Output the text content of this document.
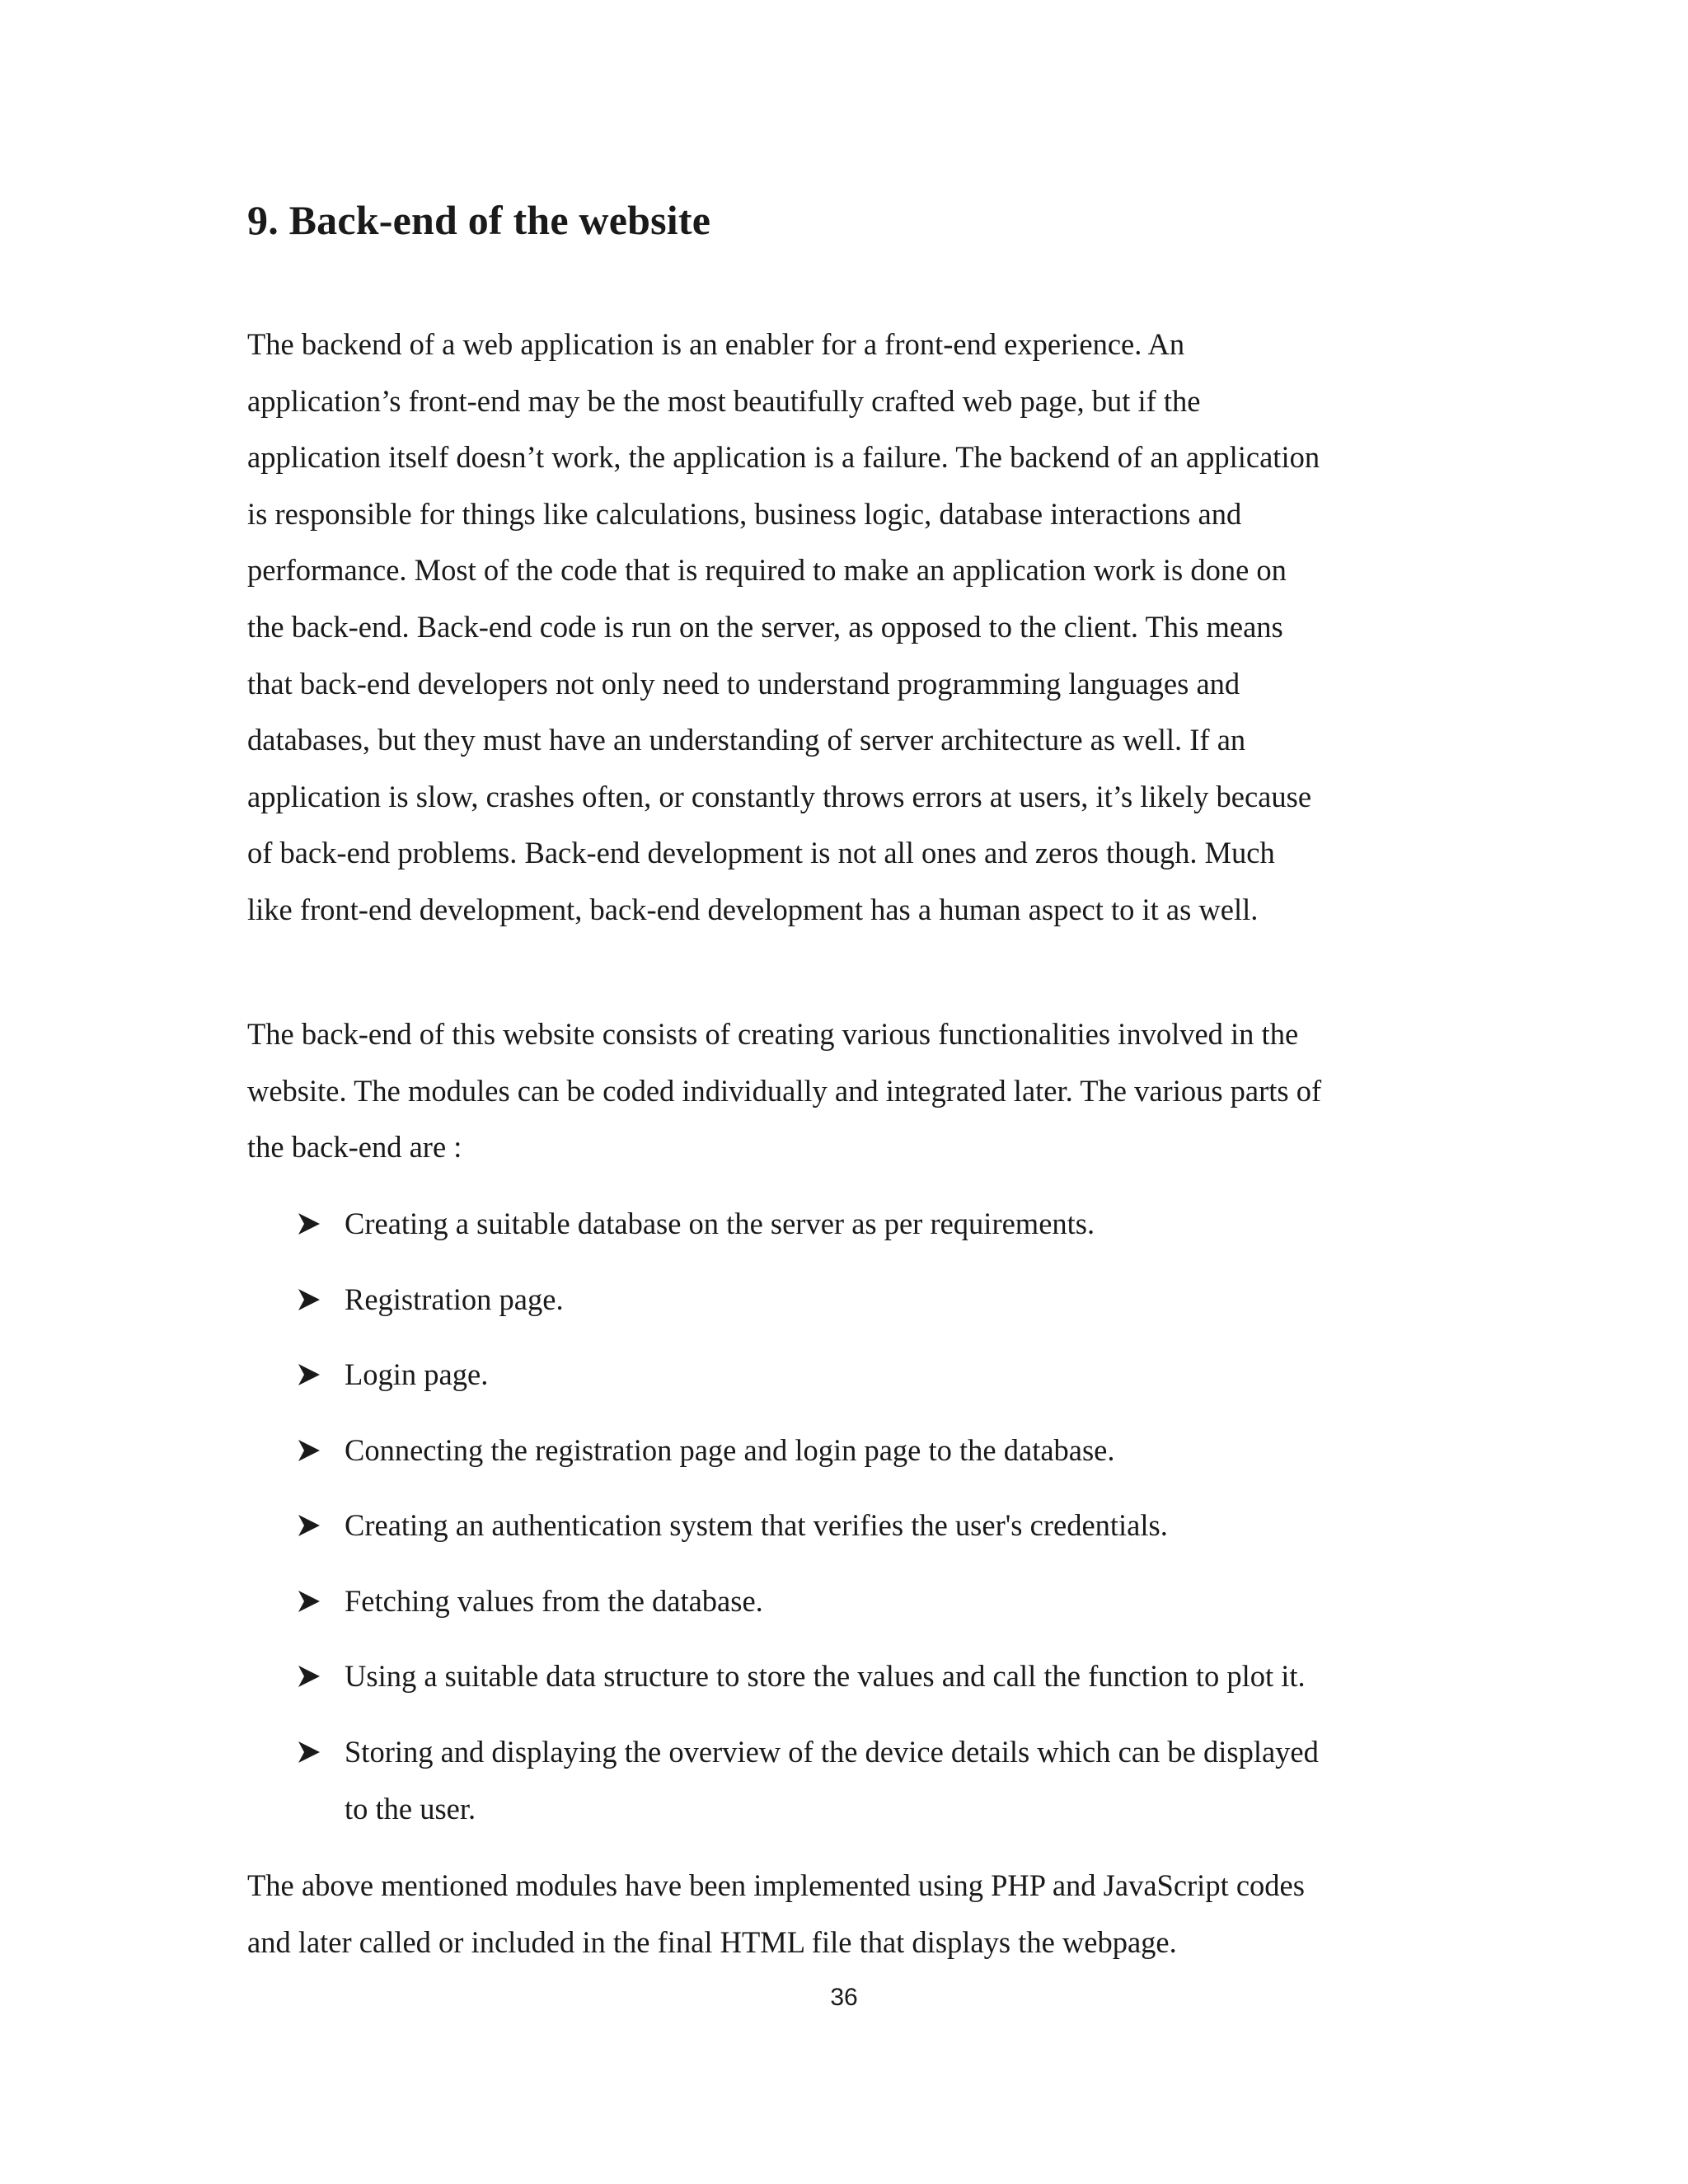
9. Back-end of the website

The backend of a web application is an enabler for a front-end experience. An
application’s front-end may be the most beautifully crafted web page, but if the
application itself doesn’t work, the application is a failure. The backend of an application
is responsible for things like calculations, business logic, database interactions and
performance. Most of the code that is required to make an application work is done on
the back-end. Back-end code is run on the server, as opposed to the client. This means
that back-end developers not only need to understand programming languages and
databases, but they must have an understanding of server architecture as well. If an
application is slow, crashes often, or constantly throws errors at users, it’s likely because
of back-end problems. Back-end development is not all ones and zeros though. Much
like front-end development, back-end development has a human aspect to it as well.

The back-end of this website consists of creating various functionalities involved in the
website. The modules can be coded individually and integrated later. The various parts of
the back-end are :

Creating a suitable database on the server as per requirements.
Registration page.
Login page.
Connecting the registration page and login page to the database.
Creating an authentication system that verifies the user's credentials.
Fetching values from the database.
Using a suitable data structure to store the values and call the function to plot it.
Storing and displaying the overview of the device details which can be displayed
to the user.

The above mentioned modules have been implemented using PHP and JavaScript codes
and later called or included in the final HTML file that displays the webpage.

36
